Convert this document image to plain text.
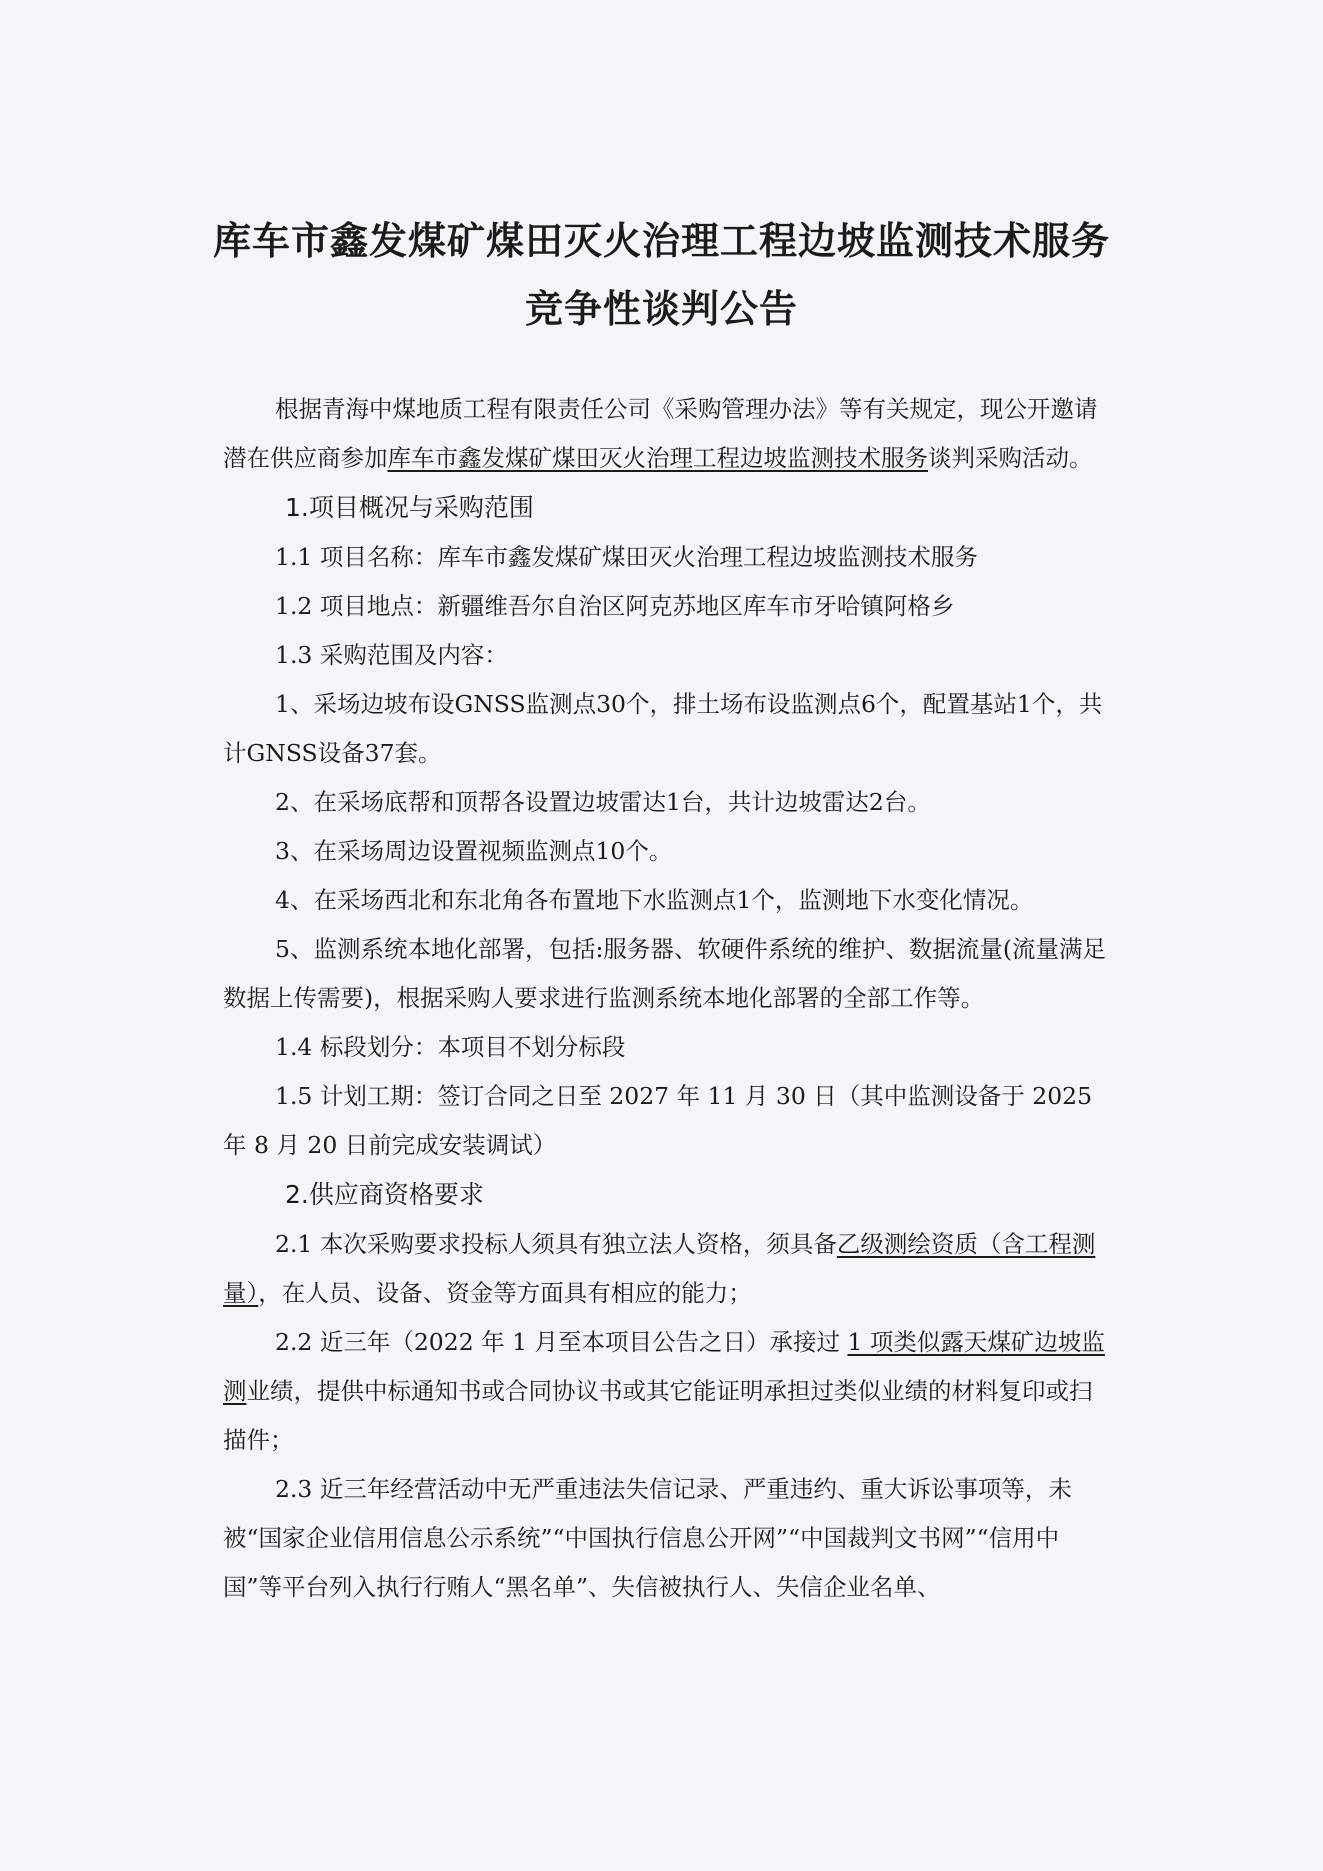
库车市鑫发煤矿煤田灭火治理工程边坡监测技术服务
竞争性谈判公告

根据青海中煤地质工程有限责任公司《采购管理办法》等有关规定，现公开邀请潜在供应商参加库车市鑫发煤矿煤田灭火治理工程边坡监测技术服务谈判采购活动。

1.项目概况与采购范围

1.1 项目名称：库车市鑫发煤矿煤田灭火治理工程边坡监测技术服务

1.2 项目地点：新疆维吾尔自治区阿克苏地区库车市牙哈镇阿格乡

1.3 采购范围及内容：

1、采场边坡布设GNSS监测点30个，排土场布设监测点6个，配置基站1个，共计GNSS设备37套。

2、在采场底帮和顶帮各设置边坡雷达1台，共计边坡雷达2台。

3、在采场周边设置视频监测点10个。

4、在采场西北和东北角各布置地下水监测点1个，监测地下水变化情况。

5、监测系统本地化部署，包括:服务器、软硬件系统的维护、数据流量(流量满足数据上传需要)，根据采购人要求进行监测系统本地化部署的全部工作等。

1.4 标段划分：本项目不划分标段

1.5 计划工期：签订合同之日至 2027 年 11 月 30 日（其中监测设备于 2025 年 8 月 20 日前完成安装调试）

2.供应商资格要求

2.1 本次采购要求投标人须具有独立法人资格，须具备乙级测绘资质（含工程测量），在人员、设备、资金等方面具有相应的能力；

2.2 近三年（2022 年 1 月至本项目公告之日）承接过 1 项类似露天煤矿边坡监测业绩，提供中标通知书或合同协议书或其它能证明承担过类似业绩的材料复印或扫描件；

2.3 近三年经营活动中无严重违法失信记录、严重违约、重大诉讼事项等，未被“国家企业信用信息公示系统”“中国执行信息公开网”“中国裁判文书网”“信用中国”等平台列入执行行贿人“黑名单”、失信被执行人、失信企业名单、
